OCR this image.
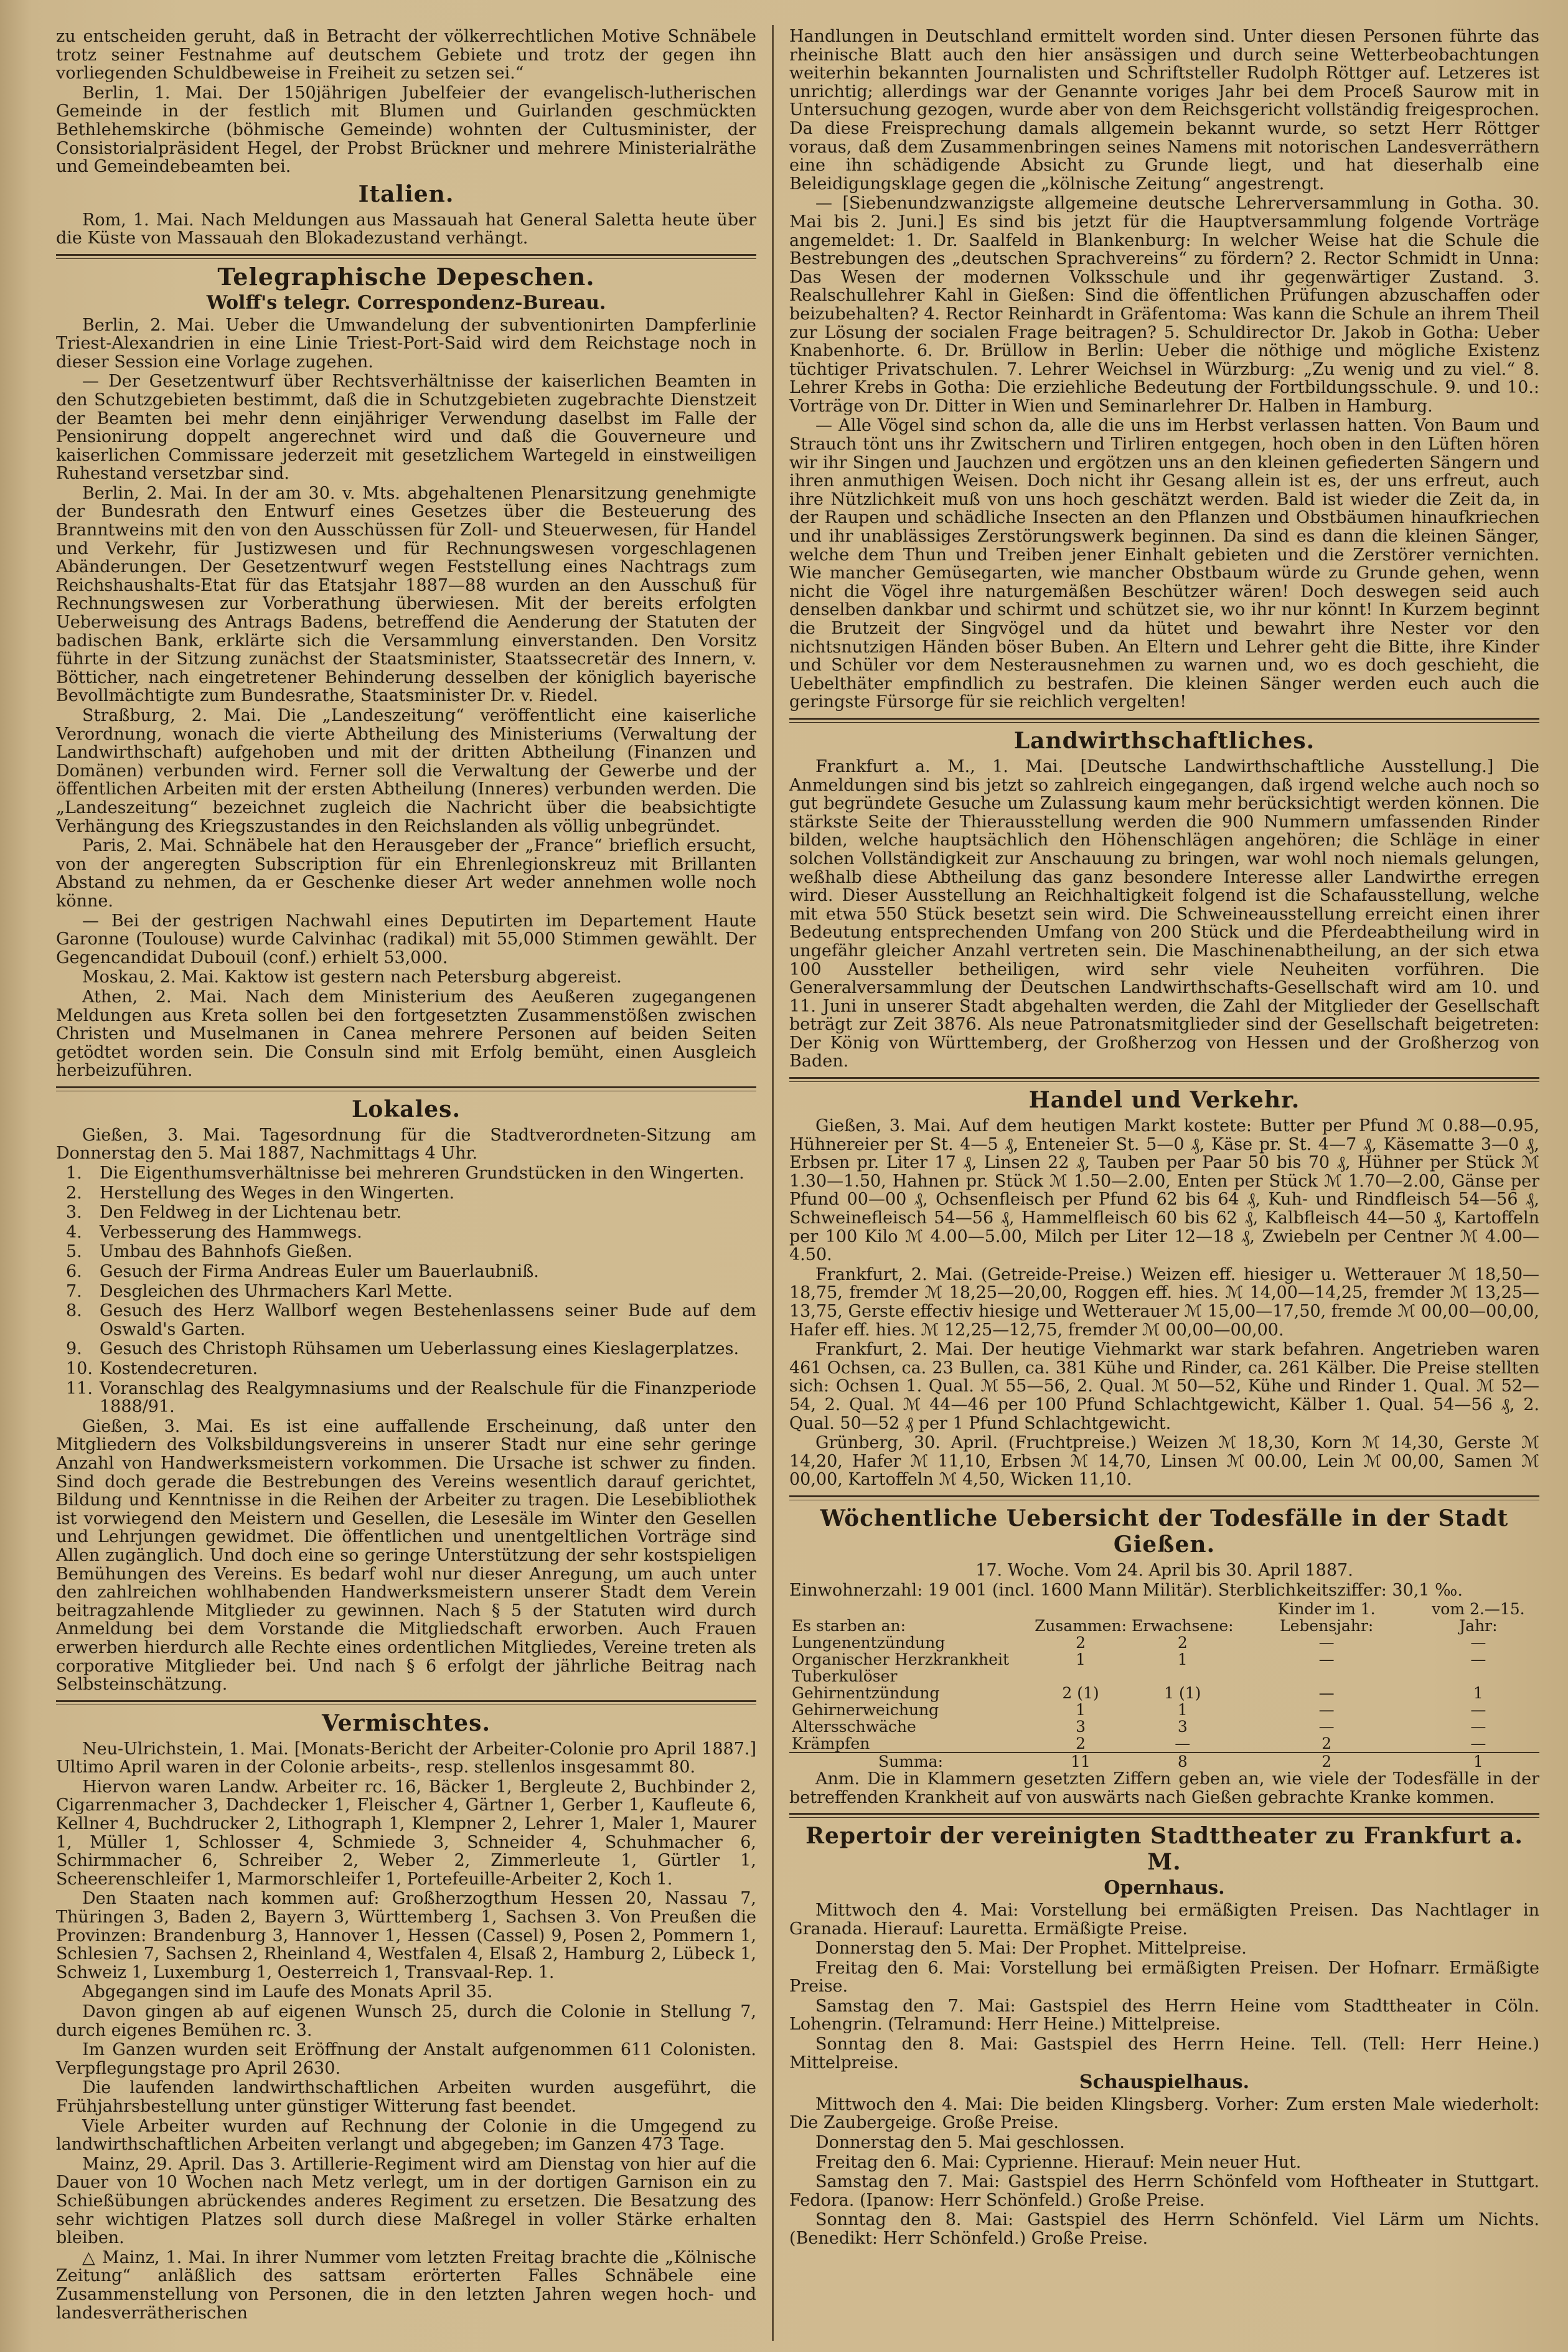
zu entscheiden geruht, daß in Betracht der völkerrechtlichen Motive Schnäbele trotz seiner Festnahme auf deutschem Gebiete und trotz der gegen ihn vorliegenden Schuldbeweise in Freiheit zu setzen sei.“

Berlin, 1. Mai. Der 150jährigen Jubelfeier der evangelisch-lutherischen Gemeinde in der festlich mit Blumen und Guirlanden geschmückten Bethlehemskirche (böhmische Gemeinde) wohnten der Cultusminister, der Consistorialpräsident Hegel, der Probst Brückner und mehrere Ministerialräthe und Gemeindebeamten bei.

Italien.

Rom, 1. Mai. Nach Meldungen aus Massauah hat General Saletta heute über die Küste von Massauah den Blokadezustand verhängt.

Telegraphische Depeschen.
Wolff's telegr. Correspondenz-Bureau.

Berlin, 2. Mai. Ueber die Umwandelung der subventionirten Dampferlinie Triest-Alexandrien in eine Linie Triest-Port-Said wird dem Reichstage noch in dieser Session eine Vorlage zugehen.

— Der Gesetzentwurf über Rechtsverhältnisse der kaiserlichen Beamten in den Schutzgebieten bestimmt, daß die in Schutzgebieten zugebrachte Dienstzeit der Beamten bei mehr denn einjähriger Verwendung daselbst im Falle der Pensionirung doppelt angerechnet wird und daß die Gouverneure und kaiserlichen Commissare jederzeit mit gesetzlichem Wartegeld in einstweiligen Ruhestand versetzbar sind.

Berlin, 2. Mai. In der am 30. v. Mts. abgehaltenen Plenarsitzung genehmigte der Bundesrath den Entwurf eines Gesetzes über die Besteuerung des Branntweins mit den von den Ausschüssen für Zoll- und Steuerwesen, für Handel und Verkehr, für Justizwesen und für Rechnungswesen vorgeschlagenen Abänderungen. Der Gesetzentwurf wegen Feststellung eines Nachtrags zum Reichshaushalts-Etat für das Etatsjahr 1887—88 wurden an den Ausschuß für Rechnungswesen zur Vorberathung überwiesen. Mit der bereits erfolgten Ueberweisung des Antrags Badens, betreffend die Aenderung der Statuten der badischen Bank, erklärte sich die Versammlung einverstanden. Den Vorsitz führte in der Sitzung zunächst der Staatsminister, Staatssecretär des Innern, v. Bötticher, nach eingetretener Behinderung desselben der königlich bayerische Bevollmächtigte zum Bundesrathe, Staatsminister Dr. v. Riedel.

Straßburg, 2. Mai. Die „Landeszeitung“ veröffentlicht eine kaiserliche Verordnung, wonach die vierte Abtheilung des Ministeriums (Verwaltung der Landwirthschaft) aufgehoben und mit der dritten Abtheilung (Finanzen und Domänen) verbunden wird. Ferner soll die Verwaltung der Gewerbe und der öffentlichen Arbeiten mit der ersten Abtheilung (Inneres) verbunden werden. Die „Landeszeitung“ bezeichnet zugleich die Nachricht über die beabsichtigte Verhängung des Kriegszustandes in den Reichslanden als völlig unbegründet.

Paris, 2. Mai. Schnäbele hat den Herausgeber der „France“ brieflich ersucht, von der angeregten Subscription für ein Ehrenlegionskreuz mit Brillanten Abstand zu nehmen, da er Geschenke dieser Art weder annehmen wolle noch könne.

— Bei der gestrigen Nachwahl eines Deputirten im Departement Haute Garonne (Toulouse) wurde Calvinhac (radikal) mit 55,000 Stimmen gewählt. Der Gegencandidat Dubouil (conf.) erhielt 53,000.

Moskau, 2. Mai. Kaktow ist gestern nach Petersburg abgereist.

Athen, 2. Mai. Nach dem Ministerium des Aeußeren zugegangenen Meldungen aus Kreta sollen bei den fortgesetzten Zusammenstößen zwischen Christen und Muselmanen in Canea mehrere Personen auf beiden Seiten getödtet worden sein. Die Consuln sind mit Erfolg bemüht, einen Ausgleich herbeizuführen.

Lokales.

Gießen, 3. Mai. Tagesordnung für die Stadtverordneten-Sitzung am Donnerstag den 5. Mai 1887, Nachmittags 4 Uhr.

1. Die Eigenthumsverhältnisse bei mehreren Grundstücken in den Wingerten.

2. Herstellung des Weges in den Wingerten.

3. Den Feldweg in der Lichtenau betr.

4. Verbesserung des Hammwegs.

5. Umbau des Bahnhofs Gießen.

6. Gesuch der Firma Andreas Euler um Bauerlaubniß.

7. Desgleichen des Uhrmachers Karl Mette.

8. Gesuch des Herz Wallborf wegen Bestehenlassens seiner Bude auf dem Oswald's Garten.

9. Gesuch des Christoph Rühsamen um Ueberlassung eines Kieslagerplatzes.

10. Kostendecreturen.

11. Voranschlag des Realgymnasiums und der Realschule für die Finanzperiode 1888/91.

Gießen, 3. Mai. Es ist eine auffallende Erscheinung, daß unter den Mitgliedern des Volksbildungsvereins in unserer Stadt nur eine sehr geringe Anzahl von Handwerksmeistern vorkommen. Die Ursache ist schwer zu finden. Sind doch gerade die Bestrebungen des Vereins wesentlich darauf gerichtet, Bildung und Kenntnisse in die Reihen der Arbeiter zu tragen. Die Lesebibliothek ist vorwiegend den Meistern und Gesellen, die Lesesäle im Winter den Gesellen und Lehrjungen gewidmet. Die öffentlichen und unentgeltlichen Vorträge sind Allen zugänglich. Und doch eine so geringe Unterstützung der sehr kostspieligen Bemühungen des Vereins. Es bedarf wohl nur dieser Anregung, um auch unter den zahlreichen wohlhabenden Handwerksmeistern unserer Stadt dem Verein beitragzahlende Mitglieder zu gewinnen. Nach § 5 der Statuten wird durch Anmeldung bei dem Vorstande die Mitgliedschaft erworben. Auch Frauen erwerben hierdurch alle Rechte eines ordentlichen Mitgliedes, Vereine treten als corporative Mitglieder bei. Und nach § 6 erfolgt der jährliche Beitrag nach Selbsteinschätzung.

Vermischtes.

Neu-Ulrichstein, 1. Mai. [Monats-Bericht der Arbeiter-Colonie pro April 1887.] Ultimo April waren in der Colonie arbeits-, resp. stellenlos insgesammt 80.

Hiervon waren Landw. Arbeiter rc. 16, Bäcker 1, Bergleute 2, Buchbinder 2, Cigarrenmacher 3, Dachdecker 1, Fleischer 4, Gärtner 1, Gerber 1, Kaufleute 6, Kellner 4, Buchdrucker 2, Lithograph 1, Klempner 2, Lehrer 1, Maler 1, Maurer 1, Müller 1, Schlosser 4, Schmiede 3, Schneider 4, Schuhmacher 6, Schirmmacher 6, Schreiber 2, Weber 2, Zimmerleute 1, Gürtler 1, Scheerenschleifer 1, Marmorschleifer 1, Portefeuille-Arbeiter 2, Koch 1.

Den Staaten nach kommen auf: Großherzogthum Hessen 20, Nassau 7, Thüringen 3, Baden 2, Bayern 3, Württemberg 1, Sachsen 3. Von Preußen die Provinzen: Brandenburg 3, Hannover 1, Hessen (Cassel) 9, Posen 2, Pommern 1, Schlesien 7, Sachsen 2, Rheinland 4, Westfalen 4, Elsaß 2, Hamburg 2, Lübeck 1, Schweiz 1, Luxemburg 1, Oesterreich 1, Transvaal-Rep. 1.

Abgegangen sind im Laufe des Monats April 35.

Davon gingen ab auf eigenen Wunsch 25, durch die Colonie in Stellung 7, durch eigenes Bemühen rc. 3.

Im Ganzen wurden seit Eröffnung der Anstalt aufgenommen 611 Colonisten. Verpflegungstage pro April 2630.

Die laufenden landwirthschaftlichen Arbeiten wurden ausgeführt, die Frühjahrsbestellung unter günstiger Witterung fast beendet.

Viele Arbeiter wurden auf Rechnung der Colonie in die Umgegend zu landwirthschaftlichen Arbeiten verlangt und abgegeben; im Ganzen 473 Tage.

Mainz, 29. April. Das 3. Artillerie-Regiment wird am Dienstag von hier auf die Dauer von 10 Wochen nach Metz verlegt, um in der dortigen Garnison ein zu Schießübungen abrückendes anderes Regiment zu ersetzen. Die Besatzung des sehr wichtigen Platzes soll durch diese Maßregel in voller Stärke erhalten bleiben.

△ Mainz, 1. Mai. In ihrer Nummer vom letzten Freitag brachte die „Kölnische Zeitung“ anläßlich des sattsam erörterten Falles Schnäbele eine Zusammenstellung von Personen, die in den letzten Jahren wegen hoch- und landesverrätherischen

Handlungen in Deutschland ermittelt worden sind. Unter diesen Personen führte das rheinische Blatt auch den hier ansässigen und durch seine Wetterbeobachtungen weiterhin bekannten Journalisten und Schriftsteller Rudolph Röttger auf. Letzeres ist unrichtig; allerdings war der Genannte voriges Jahr bei dem Proceß Saurow mit in Untersuchung gezogen, wurde aber von dem Reichsgericht vollständig freigesprochen. Da diese Freisprechung damals allgemein bekannt wurde, so setzt Herr Röttger voraus, daß dem Zusammenbringen seines Namens mit notorischen Landesverräthern eine ihn schädigende Absicht zu Grunde liegt, und hat dieserhalb eine Beleidigungsklage gegen die „kölnische Zeitung“ angestrengt.

— [Siebenundzwanzigste allgemeine deutsche Lehrerversammlung in Gotha. 30. Mai bis 2. Juni.] Es sind bis jetzt für die Hauptversammlung folgende Vorträge angemeldet: 1. Dr. Saalfeld in Blankenburg: In welcher Weise hat die Schule die Bestrebungen des „deutschen Sprachvereins“ zu fördern? 2. Rector Schmidt in Unna: Das Wesen der modernen Volksschule und ihr gegenwärtiger Zustand. 3. Realschullehrer Kahl in Gießen: Sind die öffentlichen Prüfungen abzuschaffen oder beizubehalten? 4. Rector Reinhardt in Gräfentoma: Was kann die Schule an ihrem Theil zur Lösung der socialen Frage beitragen? 5. Schuldirector Dr. Jakob in Gotha: Ueber Knabenhorte. 6. Dr. Brüllow in Berlin: Ueber die nöthige und mögliche Existenz tüchtiger Privatschulen. 7. Lehrer Weichsel in Würzburg: „Zu wenig und zu viel.“ 8. Lehrer Krebs in Gotha: Die erziehliche Bedeutung der Fortbildungsschule. 9. und 10.: Vorträge von Dr. Ditter in Wien und Seminarlehrer Dr. Halben in Hamburg.

— Alle Vögel sind schon da, alle die uns im Herbst verlassen hatten. Von Baum und Strauch tönt uns ihr Zwitschern und Tirliren entgegen, hoch oben in den Lüften hören wir ihr Singen und Jauchzen und ergötzen uns an den kleinen gefiederten Sängern und ihren anmuthigen Weisen. Doch nicht ihr Gesang allein ist es, der uns erfreut, auch ihre Nützlichkeit muß von uns hoch geschätzt werden. Bald ist wieder die Zeit da, in der Raupen und schädliche Insecten an den Pflanzen und Obstbäumen hinaufkriechen und ihr unablässiges Zerstörungswerk beginnen. Da sind es dann die kleinen Sänger, welche dem Thun und Treiben jener Einhalt gebieten und die Zerstörer vernichten. Wie mancher Gemüsegarten, wie mancher Obstbaum würde zu Grunde gehen, wenn nicht die Vögel ihre naturgemäßen Beschützer wären! Doch deswegen seid auch denselben dankbar und schirmt und schützet sie, wo ihr nur könnt! In Kurzem beginnt die Brutzeit der Singvögel und da hütet und bewahrt ihre Nester vor den nichtsnutzigen Händen böser Buben. An Eltern und Lehrer geht die Bitte, ihre Kinder und Schüler vor dem Nesterausnehmen zu warnen und, wo es doch geschieht, die Uebelthäter empfindlich zu bestrafen. Die kleinen Sänger werden euch auch die geringste Fürsorge für sie reichlich vergelten!

Landwirthschaftliches.

Frankfurt a. M., 1. Mai. [Deutsche Landwirthschaftliche Ausstellung.] Die Anmeldungen sind bis jetzt so zahlreich eingegangen, daß irgend welche auch noch so gut begründete Gesuche um Zulassung kaum mehr berücksichtigt werden können. Die stärkste Seite der Thierausstellung werden die 900 Nummern umfassenden Rinder bilden, welche hauptsächlich den Höhenschlägen angehören; die Schläge in einer solchen Vollständigkeit zur Anschauung zu bringen, war wohl noch niemals gelungen, weßhalb diese Abtheilung das ganz besondere Interesse aller Landwirthe erregen wird. Dieser Ausstellung an Reichhaltigkeit folgend ist die Schafausstellung, welche mit etwa 550 Stück besetzt sein wird. Die Schweineausstellung erreicht einen ihrer Bedeutung entsprechenden Umfang von 200 Stück und die Pferdeabtheilung wird in ungefähr gleicher Anzahl vertreten sein. Die Maschinenabtheilung, an der sich etwa 100 Aussteller betheiligen, wird sehr viele Neuheiten vorführen. Die Generalversammlung der Deutschen Landwirthschafts-Gesellschaft wird am 10. und 11. Juni in unserer Stadt abgehalten werden, die Zahl der Mitglieder der Gesellschaft beträgt zur Zeit 3876. Als neue Patronatsmitglieder sind der Gesellschaft beigetreten: Der König von Württemberg, der Großherzog von Hessen und der Großherzog von Baden.

Handel und Verkehr.

Gießen, 3. Mai. Auf dem heutigen Markt kostete: Butter per Pfund ℳ 0.88—0.95, Hühnereier per St. 4—5 ₰, Enteneier St. 5—0 ₰, Käse pr. St. 4—7 ₰, Käsematte 3—0 ₰, Erbsen pr. Liter 17 ₰, Linsen 22 ₰, Tauben per Paar 50 bis 70 ₰, Hühner per Stück ℳ 1.30—1.50, Hahnen pr. Stück ℳ 1.50—2.00, Enten per Stück ℳ 1.70—2.00, Gänse per Pfund 00—00 ₰, Ochsenfleisch per Pfund 62 bis 64 ₰, Kuh- und Rindfleisch 54—56 ₰, Schweinefleisch 54—56 ₰, Hammelfleisch 60 bis 62 ₰, Kalbfleisch 44—50 ₰, Kartoffeln per 100 Kilo ℳ 4.00—5.00, Milch per Liter 12—18 ₰, Zwiebeln per Centner ℳ 4.00—4.50.

Frankfurt, 2. Mai. (Getreide-Preise.) Weizen eff. hiesiger u. Wetterauer ℳ 18,50—18,75, fremder ℳ 18,25—20,00, Roggen eff. hies. ℳ 14,00—14,25, fremder ℳ 13,25—13,75, Gerste effectiv hiesige und Wetterauer ℳ 15,00—17,50, fremde ℳ 00,00—00,00, Hafer eff. hies. ℳ 12,25—12,75, fremder ℳ 00,00—00,00.

Frankfurt, 2. Mai. Der heutige Viehmarkt war stark befahren. Angetrieben waren 461 Ochsen, ca. 23 Bullen, ca. 381 Kühe und Rinder, ca. 261 Kälber. Die Preise stellten sich: Ochsen 1. Qual. ℳ 55—56, 2. Qual. ℳ 50—52, Kühe und Rinder 1. Qual. ℳ 52—54, 2. Qual. ℳ 44—46 per 100 Pfund Schlachtgewicht, Kälber 1. Qual. 54—56 ₰, 2. Qual. 50—52 ₰ per 1 Pfund Schlachtgewicht.

Grünberg, 30. April. (Fruchtpreise.) Weizen ℳ 18,30, Korn ℳ 14,30, Gerste ℳ 14,20, Hafer ℳ 11,10, Erbsen ℳ 14,70, Linsen ℳ 00.00, Lein ℳ 00,00, Samen ℳ 00,00, Kartoffeln ℳ 4,50, Wicken 11,10.

Wöchentliche Uebersicht der Todesfälle in der Stadt Gießen.

17. Woche. Vom 24. April bis 30. April 1887.

Einwohnerzahl: 19 001 (incl. 1600 Mann Militär). Sterblichkeitsziffer: 30,1 ‰.

Es starben an:	Zusammen:	Erwachsene:	Kinder im 1. Lebensjahr:	vom 2.—15. Jahr:
Lungenentzündung	2	2	—	—
Organischer Herzkrankheit	1	1	—	—
Tuberkulöser Gehirnentzündung	2 (1)	1 (1)	—	1
Gehirnerweichung	1	1	—	—
Altersschwäche	3	3	—	—
Krämpfen	2	—	2	—
Summa:	11	8	2	1

Anm. Die in Klammern gesetzten Ziffern geben an, wie viele der Todesfälle in der betreffenden Krankheit auf von auswärts nach Gießen gebrachte Kranke kommen.

Repertoir der vereinigten Stadttheater zu Frankfurt a. M.
Opernhaus.

Mittwoch den 4. Mai: Vorstellung bei ermäßigten Preisen. Das Nachtlager in Granada. Hierauf: Lauretta. Ermäßigte Preise.

Donnerstag den 5. Mai: Der Prophet. Mittelpreise.

Freitag den 6. Mai: Vorstellung bei ermäßigten Preisen. Der Hofnarr. Ermäßigte Preise.

Samstag den 7. Mai: Gastspiel des Herrn Heine vom Stadttheater in Cöln. Lohengrin. (Telramund: Herr Heine.) Mittelpreise.

Sonntag den 8. Mai: Gastspiel des Herrn Heine. Tell. (Tell: Herr Heine.) Mittelpreise.

Schauspielhaus.

Mittwoch den 4. Mai: Die beiden Klingsberg. Vorher: Zum ersten Male wiederholt: Die Zaubergeige. Große Preise.

Donnerstag den 5. Mai geschlossen.

Freitag den 6. Mai: Cyprienne. Hierauf: Mein neuer Hut.

Samstag den 7. Mai: Gastspiel des Herrn Schönfeld vom Hoftheater in Stuttgart. Fedora. (Ipanow: Herr Schönfeld.) Große Preise.

Sonntag den 8. Mai: Gastspiel des Herrn Schönfeld. Viel Lärm um Nichts. (Benedikt: Herr Schönfeld.) Große Preise.
